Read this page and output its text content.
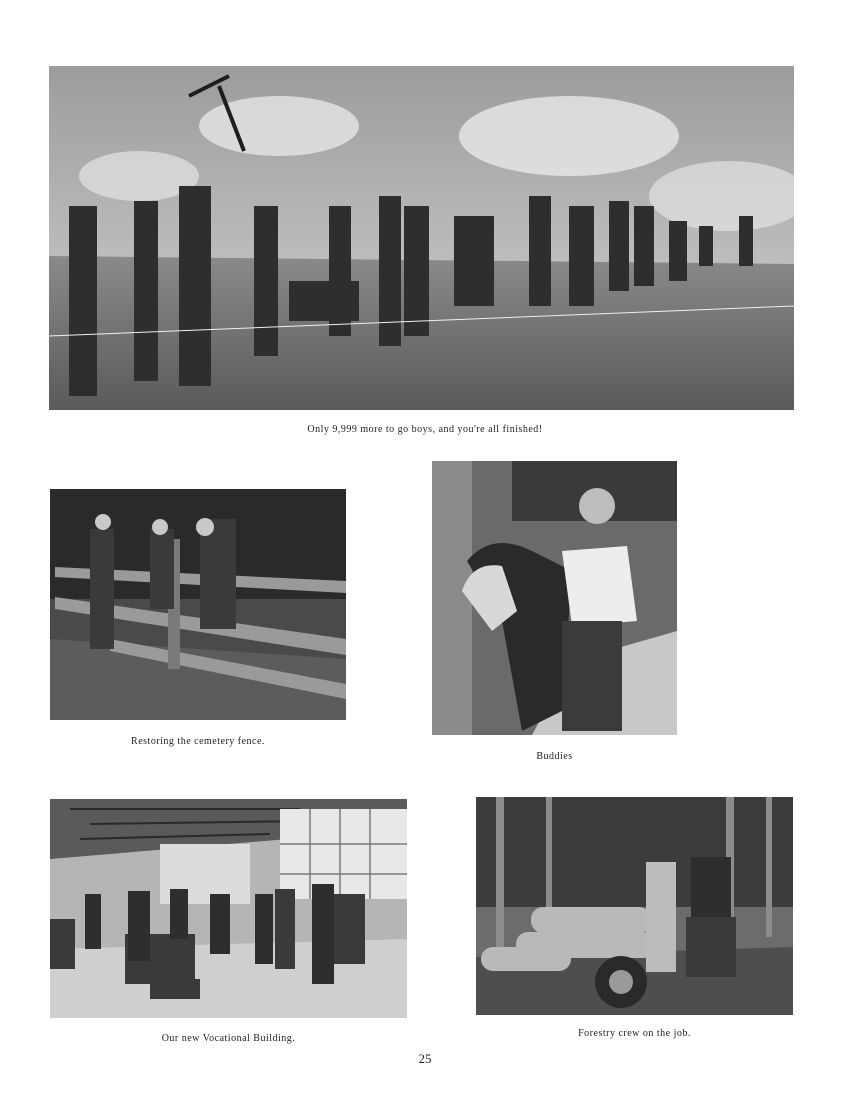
Only 9,999 more to go boys, and you're all finished!
Restoring the cemetery fence.
Buddies
Our new Vocational Building.	Forestry crew on the job.
25
